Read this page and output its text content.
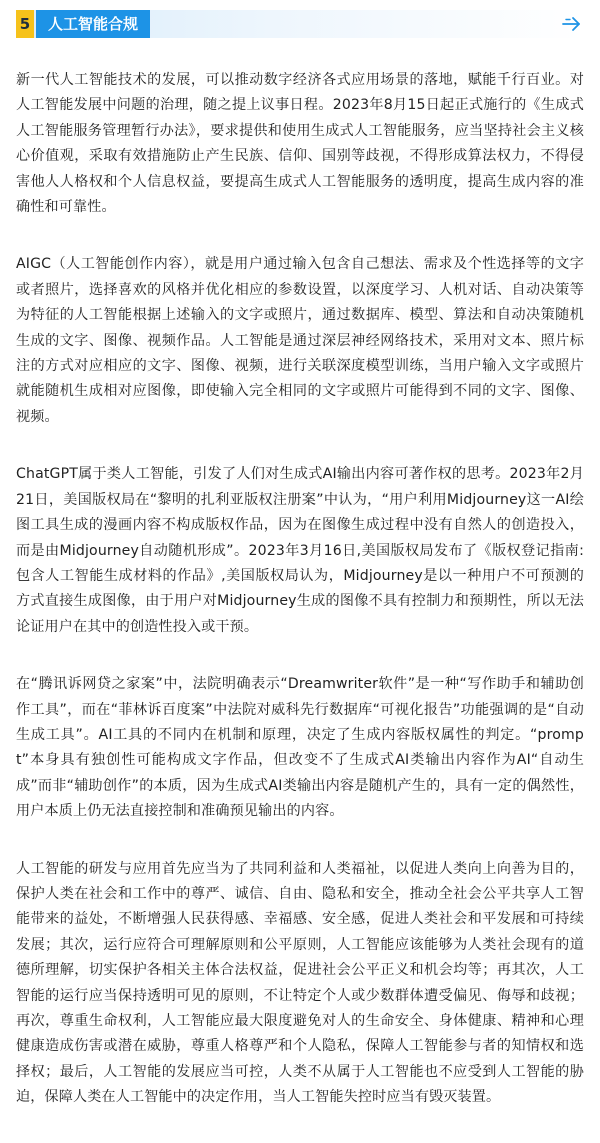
5	人工智能合规

新一代人工智能技术的发展，可以推动数字经济各式应用场景的落地，赋能千行百业。对人工智能发展中问题的治理，随之提上议事日程。2023年8月15日起正式施行的《生成式人工智能服务管理暂行办法》，要求提供和使用生成式人工智能服务，应当坚持社会主义核心价值观，采取有效措施防止产生民族、信仰、国别等歧视，不得形成算法权力，不得侵害他人人格权和个人信息权益，要提高生成式人工智能服务的透明度，提高生成内容的准确性和可靠性。

AIGC（人工智能创作内容），就是用户通过输入包含自己想法、需求及个性选择等的文字或者照片，选择喜欢的风格并优化相应的参数设置，以深度学习、人机对话、自动决策等为特征的人工智能根据上述输入的文字或照片，通过数据库、模型、算法和自动决策随机生成的文字、图像、视频作品。人工智能是通过深层神经网络技术，采用对文本、照片标注的方式对应相应的文字、图像、视频，进行关联深度模型训练，当用户输入文字或照片就能随机生成相对应图像，即使输入完全相同的文字或照片可能得到不同的文字、图像、视频。

ChatGPT属于类人工智能，引发了人们对生成式AI输出内容可著作权的思考。2023年2月21日，美国版权局在“黎明的扎利亚版权注册案”中认为，“用户利用Midjourney这一AI绘图工具生成的漫画内容不构成版权作品，因为在图像生成过程中没有自然人的创造投入，而是由Midjourney自动随机形成”。2023年3月16日,美国版权局发布了《版权登记指南:包含人工智能生成材料的作品》,美国版权局认为，Midjourney是以一种用户不可预测的方式直接生成图像，由于用户对Midjourney生成的图像不具有控制力和预期性，所以无法论证用户在其中的创造性投入或干预。

在“腾讯诉网贷之家案”中，法院明确表示“Dreamwriter软件”是一种“写作助手和辅助创作工具”，而在“菲林诉百度案”中法院对威科先行数据库“可视化报告”功能强调的是“自动生成工具”。AI工具的不同内在机制和原理，决定了生成内容版权属性的判定。“prompt”本身具有独创性可能构成文字作品，但改变不了生成式AI类输出内容作为AI“自动生成”而非“辅助创作”的本质，因为生成式AI类输出内容是随机产生的，具有一定的偶然性，用户本质上仍无法直接控制和准确预见输出的内容。

人工智能的研发与应用首先应当为了共同利益和人类福祉，以促进人类向上向善为目的，保护人类在社会和工作中的尊严、诚信、自由、隐私和安全，推动全社会公平共享人工智能带来的益处，不断增强人民获得感、幸福感、安全感，促进人类社会和平发展和可持续发展；其次，运行应符合可理解原则和公平原则，人工智能应该能够为人类社会现有的道德所理解，切实保护各相关主体合法权益，促进社会公平正义和机会均等；再其次，人工智能的运行应当保持透明可见的原则，不让特定个人或少数群体遭受偏见、侮辱和歧视；再次，尊重生命权利，人工智能应最大限度避免对人的生命安全、身体健康、精神和心理健康造成伤害或潜在威胁，尊重人格尊严和个人隐私，保障人工智能参与者的知情权和选择权；最后，人工智能的发展应当可控，人类不从属于人工智能也不应受到人工智能的胁迫，保障人类在人工智能中的决定作用，当人工智能失控时应当有毁灭装置。
